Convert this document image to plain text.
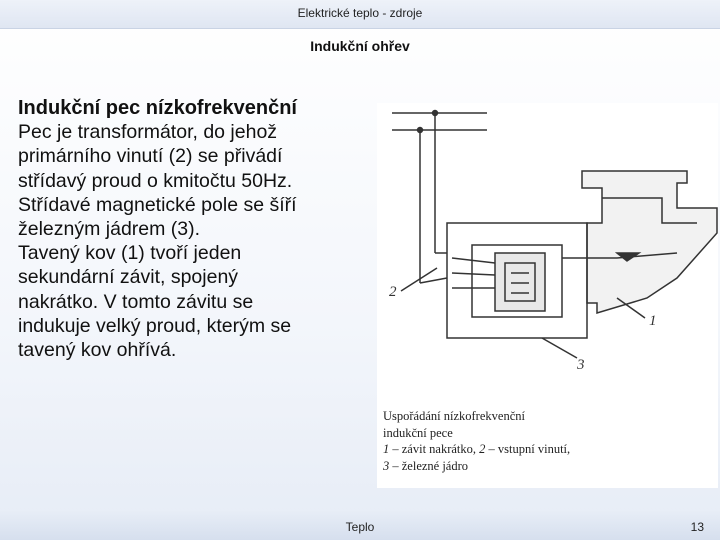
Elektrické teplo - zdroje
Indukční ohřev
Indukční pec nízkofrekvenční
Pec je transformátor, do jehož
primárního vinutí (2) se přivádí
střídavý proud o kmitočtu 50Hz.
Střídavé magnetické pole se šíří
železným jádrem (3).
Tavený kov (1) tvoří jeden
sekundární závit, spojený
nakrátko. V tomto závitu se
indukuje velký proud, kterým se
tavený kov ohřívá.
2
1
3
Uspořádání nízkofrekvenční
indukční pece
1 – závit nakrátko, 2 – vstupní vinutí,
3 – železné jádro
Teplo	13
